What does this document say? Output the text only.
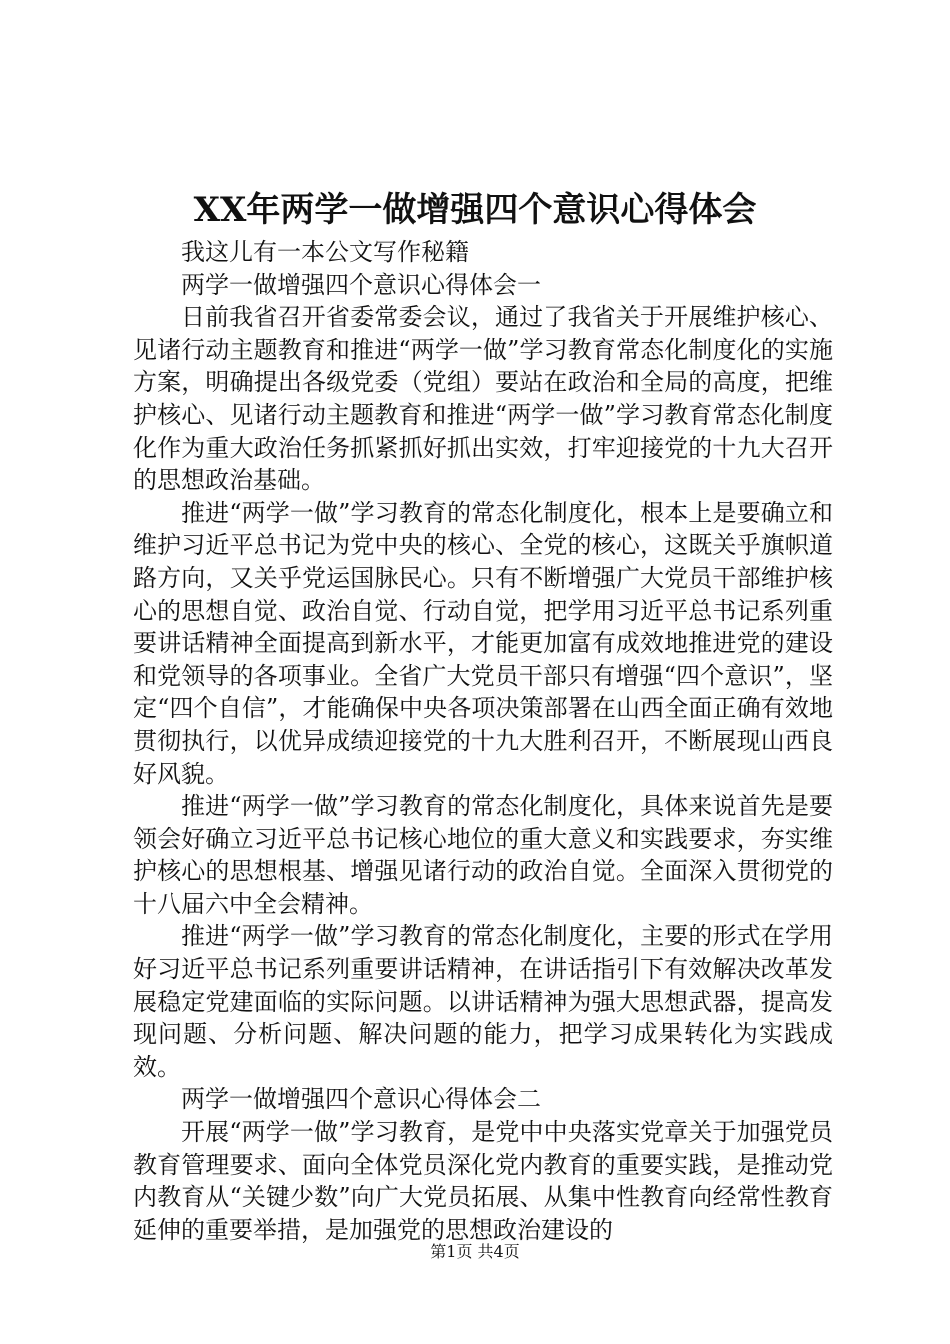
XX年两学一做增强四个意识心得体会

我这儿有一本公文写作秘籍

两学一做增强四个意识心得体会一

日前我省召开省委常委会议，通过了我省关于开展维护核心、见诸行动主题教育和推进“两学一做”学习教育常态化制度化的实施方案，明确提出各级党委（党组）要站在政治和全局的高度，把维护核心、见诸行动主题教育和推进“两学一做”学习教育常态化制度化作为重大政治任务抓紧抓好抓出实效，打牢迎接党的十九大召开的思想政治基础。

推进“两学一做”学习教育的常态化制度化，根本上是要确立和维护习近平总书记为党中央的核心、全党的核心，这既关乎旗帜道路方向，又关乎党运国脉民心。只有不断增强广大党员干部维护核心的思想自觉、政治自觉、行动自觉，把学用习近平总书记系列重要讲话精神全面提高到新水平，才能更加富有成效地推进党的建设和党领导的各项事业。全省广大党员干部只有增强“四个意识”，坚定“四个自信”，才能确保中央各项决策部署在山西全面正确有效地贯彻执行，以优异成绩迎接党的十九大胜利召开，不断展现山西良好风貌。

推进“两学一做”学习教育的常态化制度化，具体来说首先是要领会好确立习近平总书记核心地位的重大意义和实践要求，夯实维护核心的思想根基、增强见诸行动的政治自觉。全面深入贯彻党的十八届六中全会精神。

推进“两学一做”学习教育的常态化制度化，主要的形式在学用好习近平总书记系列重要讲话精神，在讲话指引下有效解决改革发展稳定党建面临的实际问题。以讲话精神为强大思想武器，提高发现问题、分析问题、解决问题的能力，把学习成果转化为实践成效。

两学一做增强四个意识心得体会二

开展“两学一做”学习教育，是党中中央落实党章关于加强党员教育管理要求、面向全体党员深化党内教育的重要实践，是推动党内教育从“关键少数”向广大党员拓展、从集中性教育向经常性教育延伸的重要举措，是加强党的思想政治建设的

第1页 共4页
